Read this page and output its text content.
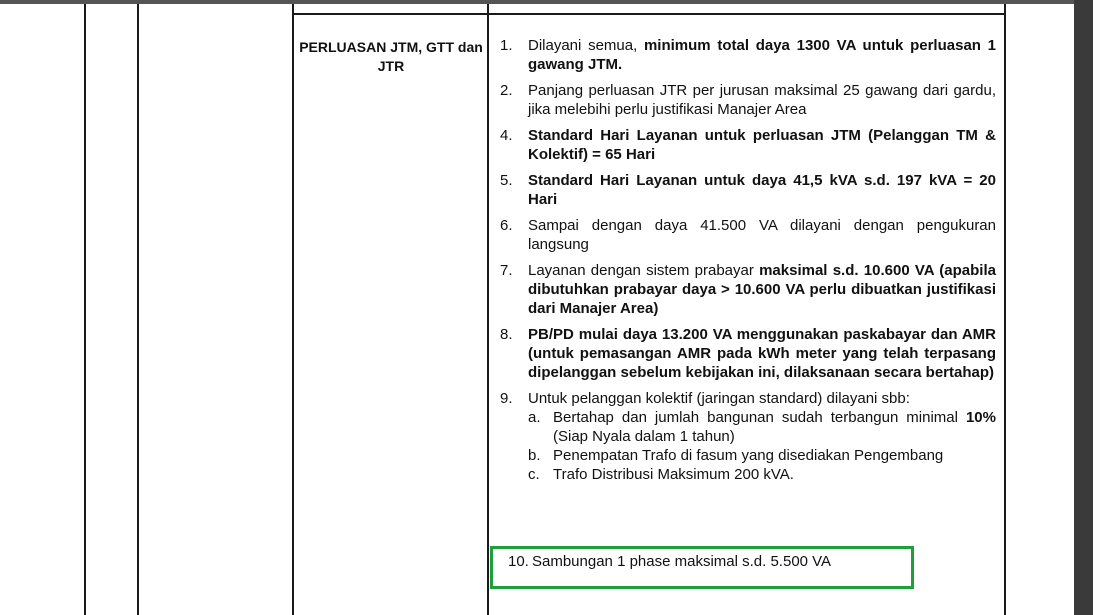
PERLUASAN JTM, GTT dan JTR
1.	Dilayani semua, minimum total daya 1300 VA untuk perluasan 1 gawang JTM.
2.	Panjang perluasan JTR per jurusan maksimal 25 gawang dari gardu, jika melebihi perlu justifikasi Manajer Area
4.	Standard Hari Layanan untuk perluasan JTM (Pelanggan TM & Kolektif) = 65 Hari
5.	Standard Hari Layanan untuk daya 41,5 kVA s.d. 197 kVA = 20 Hari
6.	Sampai dengan daya 41.500 VA dilayani dengan pengukuran langsung
7.	Layanan dengan sistem prabayar maksimal s.d. 10.600 VA (apabila dibutuhkan prabayar daya > 10.600 VA perlu dibuatkan justifikasi dari Manajer Area)
8.	PB/PD mulai daya 13.200 VA menggunakan paskabayar dan AMR (untuk pemasangan AMR pada kWh meter yang telah terpasang dipelanggan sebelum kebijakan ini, dilaksanaan secara bertahap)
9.	Untuk pelanggan kolektif (jaringan standard) dilayani sbb:
a. Bertahap dan jumlah bangunan sudah terbangun minimal 10% (Siap Nyala dalam 1 tahun)
b. Penempatan Trafo di fasum yang disediakan Pengembang
c. Trafo Distribusi Maksimum 200 kVA.
10. Sambungan 1 phase maksimal s.d. 5.500 VA
